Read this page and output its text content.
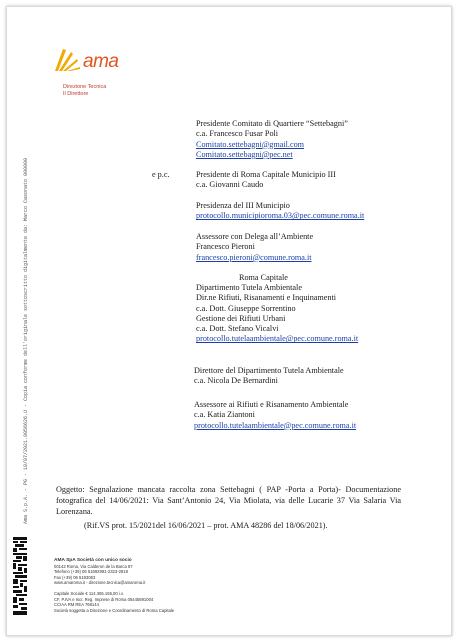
ama
Direzione Tecnica
Il Direttore
Ama S.p.A. - PG - 18/07/2021.0056626.U - Copia conforme dell'originale sottoscritto digitalmente da: Marco Casonato 000000
Presidente Comitato di Quartiere “Settebagni”
c.a. Francesco Fusar Poli
Comitato.settebagni@gmail.com
Comitato.settebagni@pec.net
e p.c.	Presidente di Roma Capitale Municipio III
c.a. Giovanni Caudo
Presidenza del III Municipio
protocollo.municipioroma.03@pec.comune.roma.it
Assessore con Delega all’Ambiente
Francesco Pieroni
francesco.pieroni@comune.roma.it
Roma Capitale
Dipartimento Tutela Ambientale
Dir.ne Rifiuti, Risanamenti e Inquinamenti
c.a. Dott. Giuseppe Sorrentino
Gestione dei Rifiuti Urbani
c.a. Dott. Stefano Vicalvi
protocollo.tutelaambientale@pec.comune.roma.it
Direttore del Dipartimento Tutela Ambientale
c.a. Nicola De Bernardini
Assessore ai Rifiuti e Risanamento Ambientale
c.a. Katia Ziantoni
protocollo.tutelaambientale@pec.comune.roma.it
Oggetto: Segnalazione mancata raccolta zona Settebagni ( PAP -Porta a Porta)- Documentazione fotografica del 14/06/2021: Via Sant’Antonio 24, Via Miolata, via delle Lucarie 37 Via Salaria Via Lorenzana.
(Rif.VS prot. 15/2021del 16/06/2021 – prot. AMA 48286 del 18/06/2021).
AMA SpA Società con unico socio
00142 Roma, Via Calderon de la Barca 87
Telefono (+39) 06 51692991-2323-2918
Fax (+39) 06 5193063
www.amaroma.it - direzione.tecnica@amaroma.it
Capitale Sociale € 114.365.165,00 i.v.
CF, P.IVA e Iscr. Reg. Imprese di Roma 05445891004
CCIAA RM REA 768144
Società soggetta a Direzione e Coordinamento di Roma Capitale
